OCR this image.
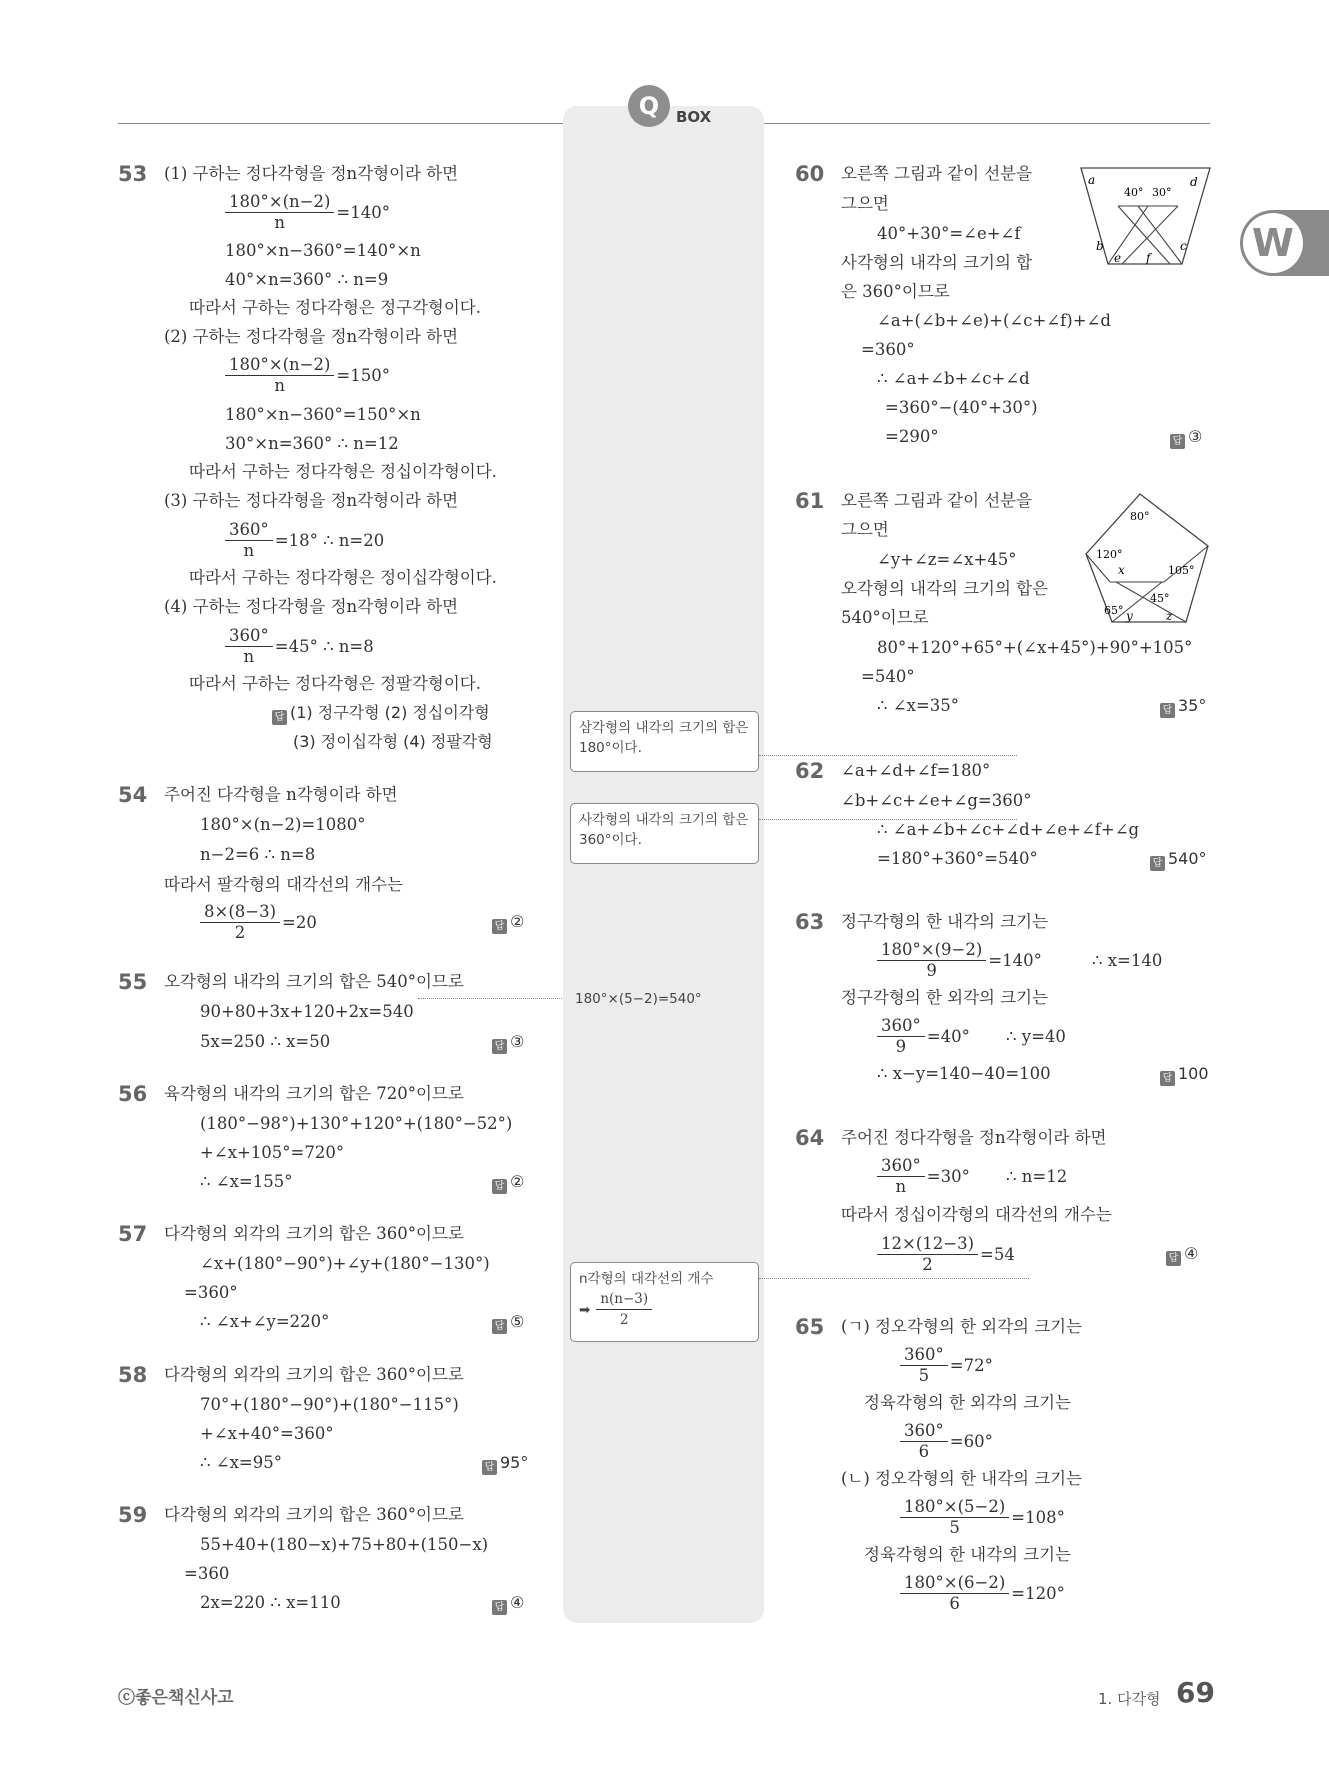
Q	BOX
W
53 (1) 구하는 정다각형을 정n각형이라 하면
$\frac{180^\circ\times(n-2)}{n} =140^\circ$
180°×n−360°=140°×n
40°×n=360° ∴ n=9
따라서 구하는 정다각형은 정구각형이다.
(2) 구하는 정다각형을 정n각형이라 하면
$\frac{180^\circ\times(n-2)}{n} =150^\circ$
180°×n−360°=150°×n
30°×n=360° ∴ n=12
따라서 구하는 정다각형은 정십이각형이다.
(3) 구하는 정다각형을 정n각형이라 하면
$\frac{360^\circ}{n} =18^\circ$ ∴ n=20
따라서 구하는 정다각형은 정이십각형이다.
(4) 구하는 정다각형을 정n각형이라 하면
$\frac{360^\circ}{n} =45^\circ$ ∴ n=8
따라서 구하는 정다각형은 정팔각형이다.
답 (1) 정구각형 (2) 정십이각형
(3) 정이십각형 (4) 정팔각형
54 주어진 다각형을 n각형이라 하면
180°×(n−2)=1080°
n−2=6 ∴ n=8
따라서 팔각형의 대각선의 개수는
$\frac{8\times(8-3)}{2} =20$	답 ②
55 오각형의 내각의 크기의 합은 540°이므로
90+80+3x+120+2x=540
5x=250 ∴ x=50	답 ③
56 육각형의 내각의 크기의 합은 720°이므로
(180°−98°)+130°+120°+(180°−52°)
+∠x+105°=720°
∴ ∠x=155°	답 ②
57 다각형의 외각의 크기의 합은 360°이므로
∠x+(180°−90°)+∠y+(180°−130°)
=360°
∴ ∠x+∠y=220°	답 ⑤
58 다각형의 외각의 크기의 합은 360°이므로
70°+(180°−90°)+(180°−115°)
+∠x+40°=360°
∴ ∠x=95°	답 95°
59 다각형의 외각의 크기의 합은 360°이므로
55+40+(180−x)+75+80+(150−x)
=360
2x=220 ∴ x=110	답 ④
삼각형의 내각의 크기의 합은 180°이다.
사각형의 내각의 크기의 합은 360°이다.
180°×(5−2)=540°
n각형의 대각선의 개수
➡
n(n−3)
2
60 오른쪽 그림과 같이 선분을
그으면
40°+30°=∠e+∠f
사각형의 내각의 크기의 합
은 360°이므로
∠a+(∠b+∠e)+(∠c+∠f)+∠d
=360°
∴ ∠a+∠b+∠c+∠d
=360°−(40°+30°)
=290°	답 ③
a	d
40° 30°
b
e f
c
61 오른쪽 그림과 같이 선분을
그으면
∠y+∠z=∠x+45°
오각형의 내각의 크기의 합은
540°이므로
80°+120°+65°+(∠x+45°)+90°+105°
=540°
∴ ∠x=35°	답 35°
80°
120°
105°
45°
65°
x
y	z
62 ∠a+∠d+∠f=180°
∠b+∠c+∠e+∠g=360°
∴ ∠a+∠b+∠c+∠d+∠e+∠f+∠g
=180°+360°=540°	답 540°
63 정구각형의 한 내각의 크기는
$\frac{180^\circ\times(9-2)}{9} =140^\circ$	∴ x=140
정구각형의 한 외각의 크기는
$\frac{360^\circ}{9} =40^\circ$ ∴ y=40
∴ x−y=140−40=100	답 100
64 주어진 정다각형을 정n각형이라 하면
$\frac{360^\circ}{n} =30^\circ$ ∴ n=12
따라서 정십이각형의 대각선의 개수는
$\frac{12\times(12-3)}{2} =54$	답 ④
65 (ㄱ) 정오각형의 한 외각의 크기는
$\frac{360^\circ}{5} =72^\circ$
정육각형의 한 외각의 크기는
$\frac{360^\circ}{6} =60^\circ$
(ㄴ) 정오각형의 한 내각의 크기는
$\frac{180^\circ\times(5-2)}{5} =108^\circ$
정육각형의 한 내각의 크기는
$\frac{180^\circ\times(6-2)}{6} =120^\circ$
ⓒ좋은책신사고	1. 다각형 69
